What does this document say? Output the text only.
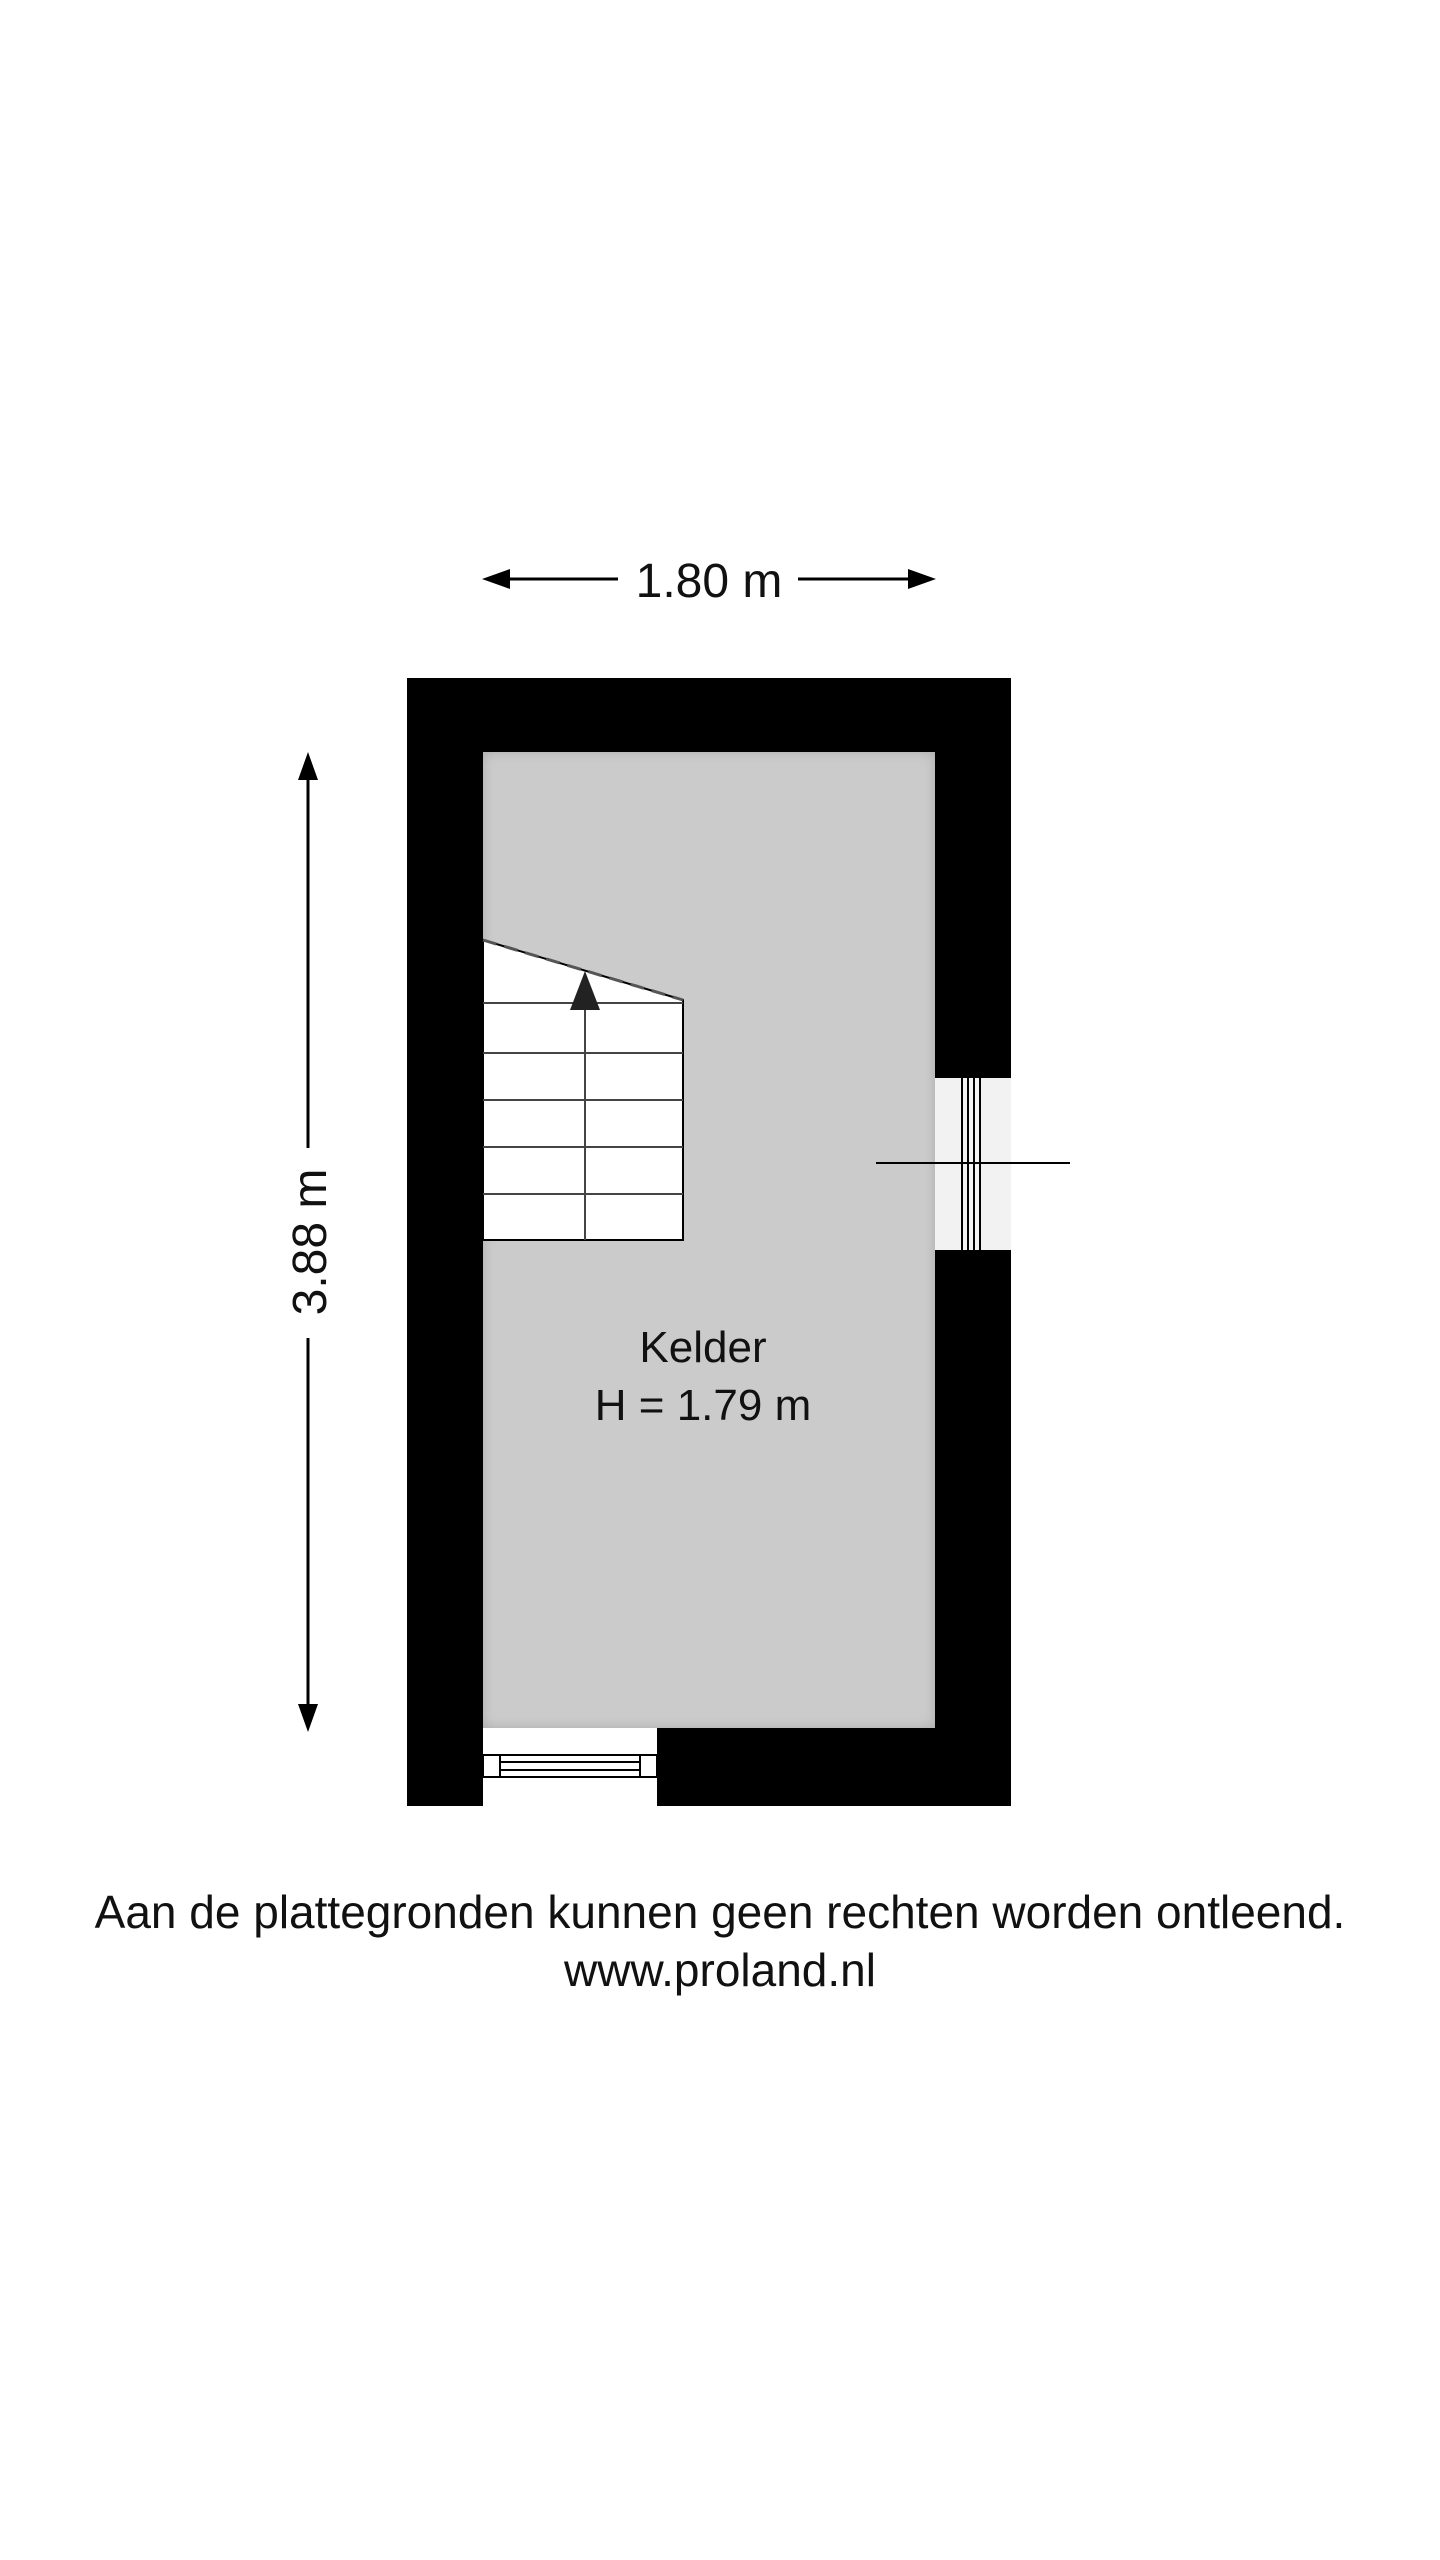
1.80 m
3.88 m
Kelder
H = 1.79 m
Aan de plattegronden kunnen geen rechten worden ontleend.
www.proland.nl
